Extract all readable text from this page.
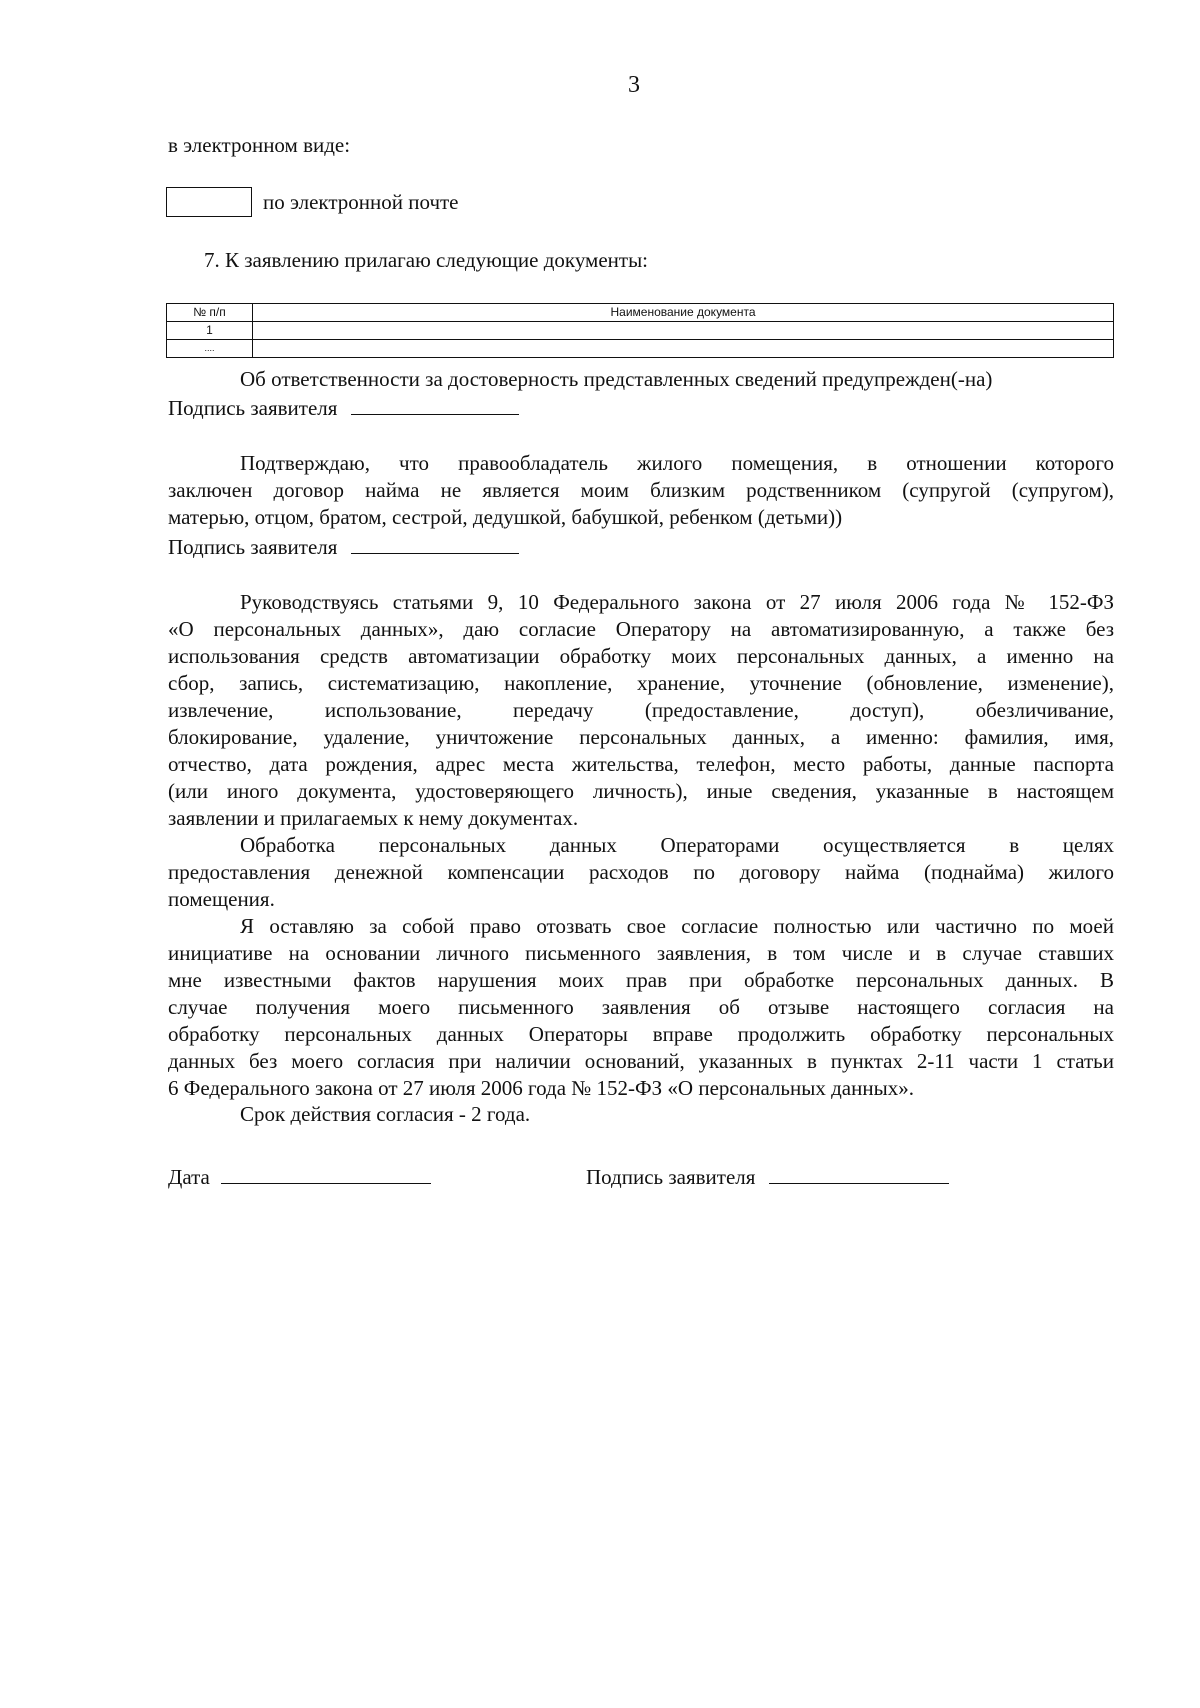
3
в электронном виде:
по электронной почте
7. К заявлению прилагаю следующие документы:
№ п/п	Наименование документа
1	
....	
Об ответственности за достоверность представленных сведений предупрежден(-на)
Подпись заявителя
Подтверждаю, что правообладатель жилого помещения, в отношении которого
заключен договор найма не является моим близким родственником (супругой (супругом),
матерью, отцом, братом, сестрой, дедушкой, бабушкой, ребенком (детьми))
Подпись заявителя
Руководствуясь статьями 9, 10 Федерального закона от 27 июля 2006 года № 152-ФЗ
«О персональных данных», даю согласие Оператору на автоматизированную, а также без
использования средств автоматизации обработку моих персональных данных, а именно на
сбор, запись, систематизацию, накопление, хранение, уточнение (обновление, изменение),
извлечение, использование, передачу (предоставление, доступ), обезличивание,
блокирование, удаление, уничтожение персональных данных, а именно: фамилия, имя,
отчество, дата рождения, адрес места жительства, телефон, место работы, данные паспорта
(или иного документа, удостоверяющего личность), иные сведения, указанные в настоящем
заявлении и прилагаемых к нему документах.
Обработка персональных данных Операторами осуществляется в целях
предоставления денежной компенсации расходов по договору найма (поднайма) жилого
помещения.
Я оставляю за собой право отозвать свое согласие полностью или частично по моей
инициативе на основании личного письменного заявления, в том числе и в случае ставших
мне известными фактов нарушения моих прав при обработке персональных данных. В
случае получения моего письменного заявления об отзыве настоящего согласия на
обработку персональных данных Операторы вправе продолжить обработку персональных
данных без моего согласия при наличии оснований, указанных в пунктах 2-11 части 1 статьи
6 Федерального закона от 27 июля 2006 года № 152-ФЗ «О персональных данных».
Срок действия согласия - 2 года.
Дата	Подпись заявителя
